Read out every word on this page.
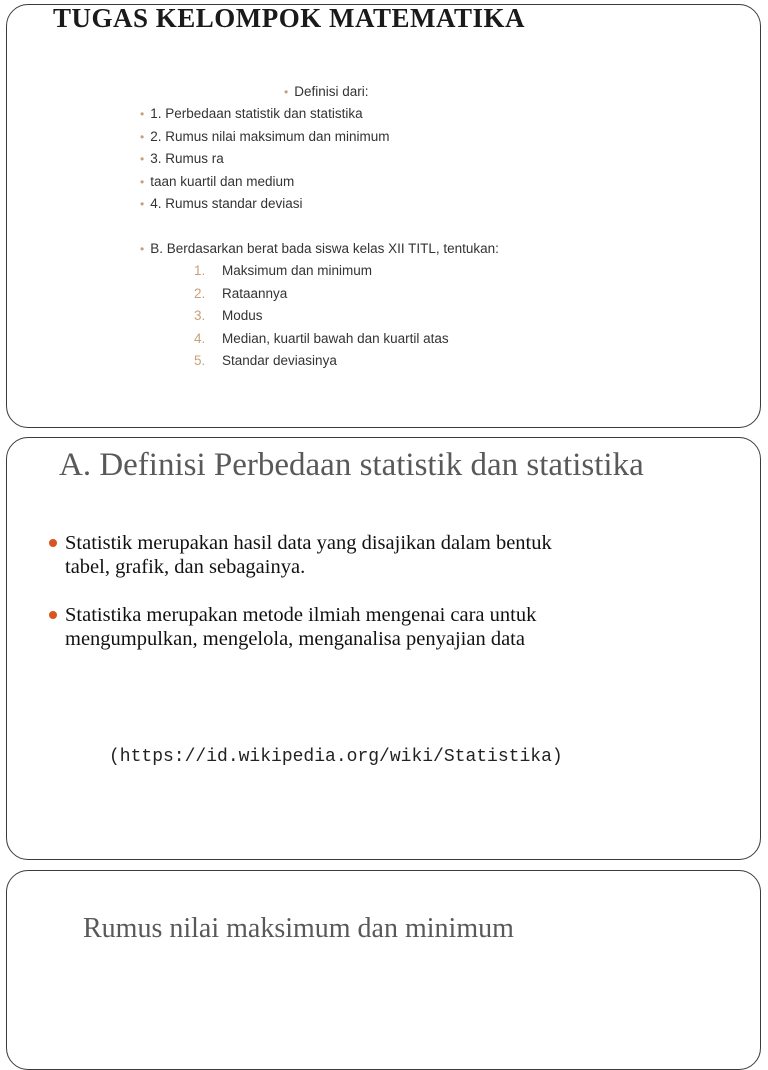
TUGAS KELOMPOK MATEMATIKA
• Definisi dari:
• 1. Perbedaan statistik dan statistika
• 2. Rumus nilai maksimum dan minimum
• 3. Rumus ra
• taan kuartil dan medium
• 4. Rumus standar deviasi
• B. Berdasarkan berat bada siswa kelas XII TITL, tentukan:
1. Maksimum dan minimum
2. Rataannya
3. Modus
4. Median, kuartil bawah dan kuartil atas
5. Standar deviasinya
A. Definisi Perbedaan statistik dan statistika
Statistik merupakan hasil data yang disajikan dalam bentuk tabel, grafik, dan sebagainya.
Statistika merupakan metode ilmiah mengenai cara untuk mengumpulkan, mengelola, menganalisa penyajian data
(https://id.wikipedia.org/wiki/Statistika)
Rumus nilai maksimum dan minimum
